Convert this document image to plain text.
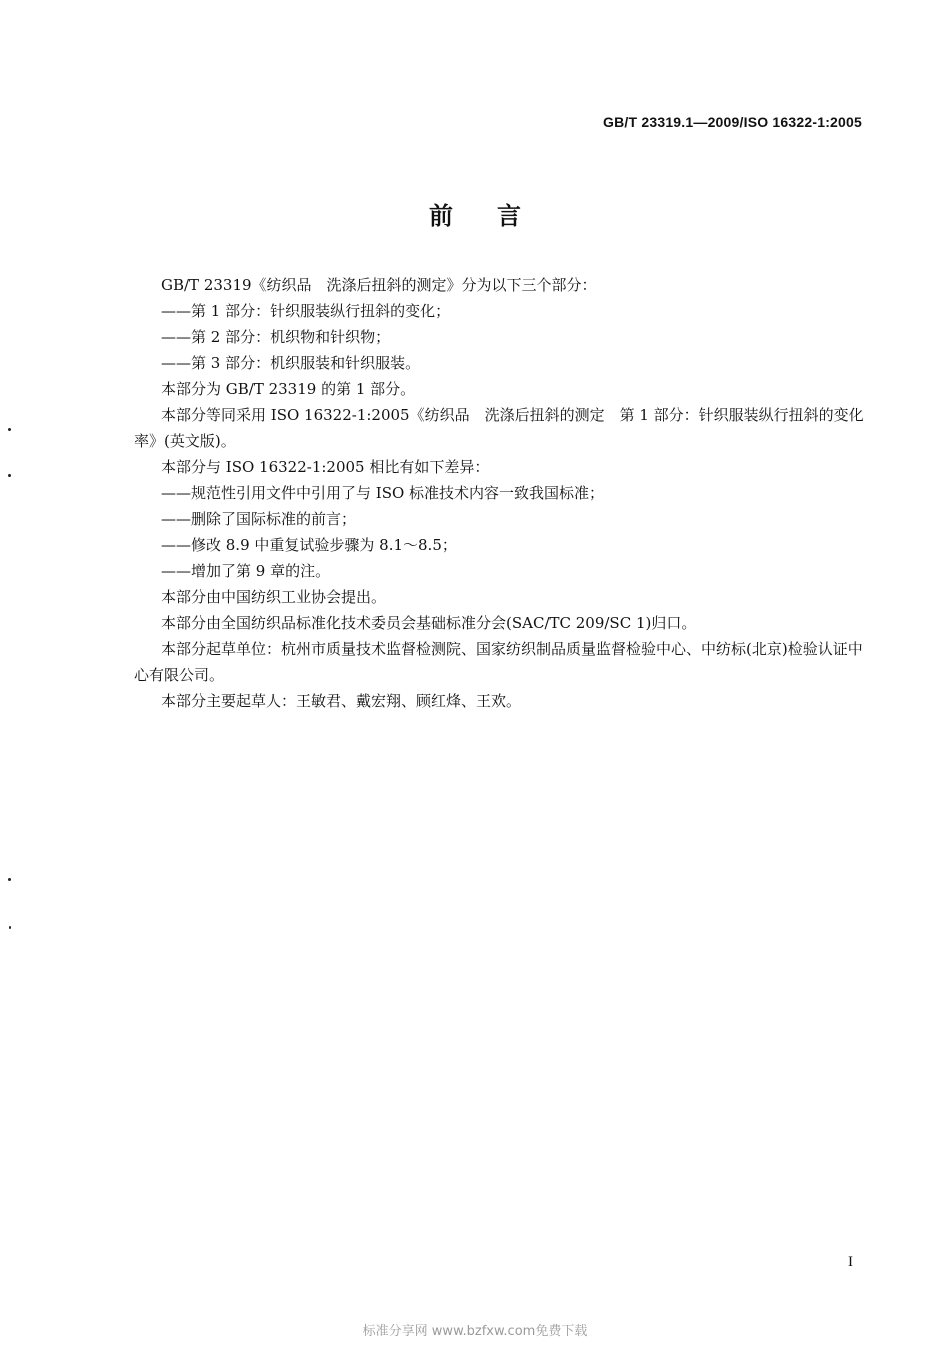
GB/T 23319.1—2009/ISO 16322-1:2005
前言

GB/T 23319《纺织品　洗涤后扭斜的测定》分为以下三个部分：

——第 1 部分：针织服装纵行扭斜的变化；

——第 2 部分：机织物和针织物；

——第 3 部分：机织服装和针织服装。

本部分为 GB/T 23319 的第 1 部分。

本部分等同采用 ISO 16322-1:2005《纺织品　洗涤后扭斜的测定　第 1 部分：针织服装纵行扭斜的变化率》(英文版)。

本部分与 ISO 16322-1:2005 相比有如下差异：

——规范性引用文件中引用了与 ISO 标准技术内容一致我国标准；

——删除了国际标准的前言；

——修改 8.9 中重复试验步骤为 8.1～8.5；

——增加了第 9 章的注。

本部分由中国纺织工业协会提出。

本部分由全国纺织品标准化技术委员会基础标准分会(SAC/TC 209/SC 1)归口。

本部分起草单位：杭州市质量技术监督检测院、国家纺织制品质量监督检验中心、中纺标(北京)检验认证中心有限公司。

本部分主要起草人：王敏君、戴宏翔、顾红烽、王欢。

I
标准分享网 www.bzfxw.com免费下载
